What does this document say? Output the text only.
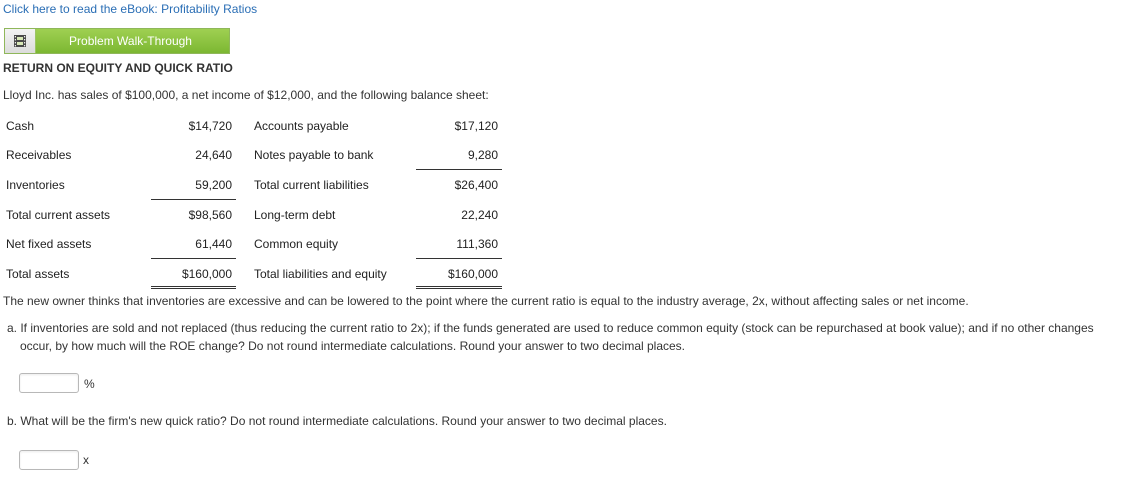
Click here to read the eBook: Profitability Ratios
Problem Walk-Through
RETURN ON EQUITY AND QUICK RATIO
Lloyd Inc. has sales of $100,000, a net income of $12,000, and the following balance sheet:
Cash	$14,720 Accounts payable	$17,120
Receivables	24,640 Notes payable to bank	9,280
Inventories	59,200 Total current liabilities	$26,400
Total current assets	$98,560 Long-term debt	22,240
Net fixed assets	61,440 Common equity	111,360
Total assets	$160,000 Total liabilities and equity	$160,000
The new owner thinks that inventories are excessive and can be lowered to the point where the current ratio is equal to the industry average, 2x, without affecting sales or net income.
a. If inventories are sold and not replaced (thus reducing the current ratio to 2x); if the funds generated are used to reduce common equity (stock can be repurchased at book value); and if no other changes
occur, by how much will the ROE change? Do not round intermediate calculations. Round your answer to two decimal places.
%
b. What will be the firm's new quick ratio? Do not round intermediate calculations. Round your answer to two decimal places.
x
